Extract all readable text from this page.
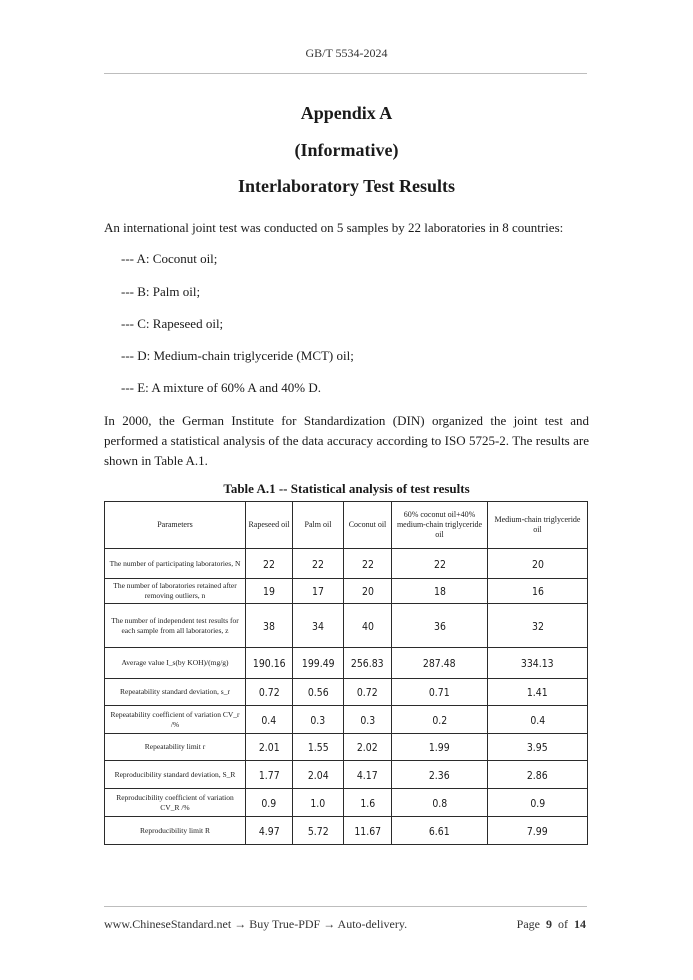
GB/T 5534-2024
Appendix A
(Informative)
Interlaboratory Test Results
An international joint test was conducted on 5 samples by 22 laboratories in 8 countries:
--- A: Coconut oil;
--- B: Palm oil;
--- C: Rapeseed oil;
--- D: Medium-chain triglyceride (MCT) oil;
--- E: A mixture of 60% A and 40% D.
In 2000, the German Institute for Standardization (DIN) organized the joint test and performed a statistical analysis of the data accuracy according to ISO 5725-2. The results are shown in Table A.1.
Table A.1 -- Statistical analysis of test results
Parameters	Rapeseed oil	Palm oil	Coconut oil	60% coconut oil+40% medium-chain triglyceride oil	Medium-chain triglyceride oil
The number of participating laboratories, N	22	22	22	22	20
The number of laboratories retained after removing outliers, n	19	17	20	18	16
The number of independent test results for each sample from all laboratories, z	38	34	40	36	32
Average value I_s(by KOH)/(mg/g)	190.16	199.49	256.83	287.48	334.13
Repeatability standard deviation, s_r	0.72	0.56	0.72	0.71	1.41
Repeatability coefficient of variation CV_r /%	0.4	0.3	0.3	0.2	0.4
Repeatability limit r	2.01	1.55	2.02	1.99	3.95
Reproducibility standard deviation, S_R	1.77	2.04	4.17	2.36	2.86
Reproducibility coefficient of variation CV_R /%	0.9	1.0	1.6	0.8	0.9
Reproducibility limit R	4.97	5.72	11.67	6.61	7.99
www.ChineseStandard.net → Buy True-PDF → Auto-delivery.	Page 9 of 14
